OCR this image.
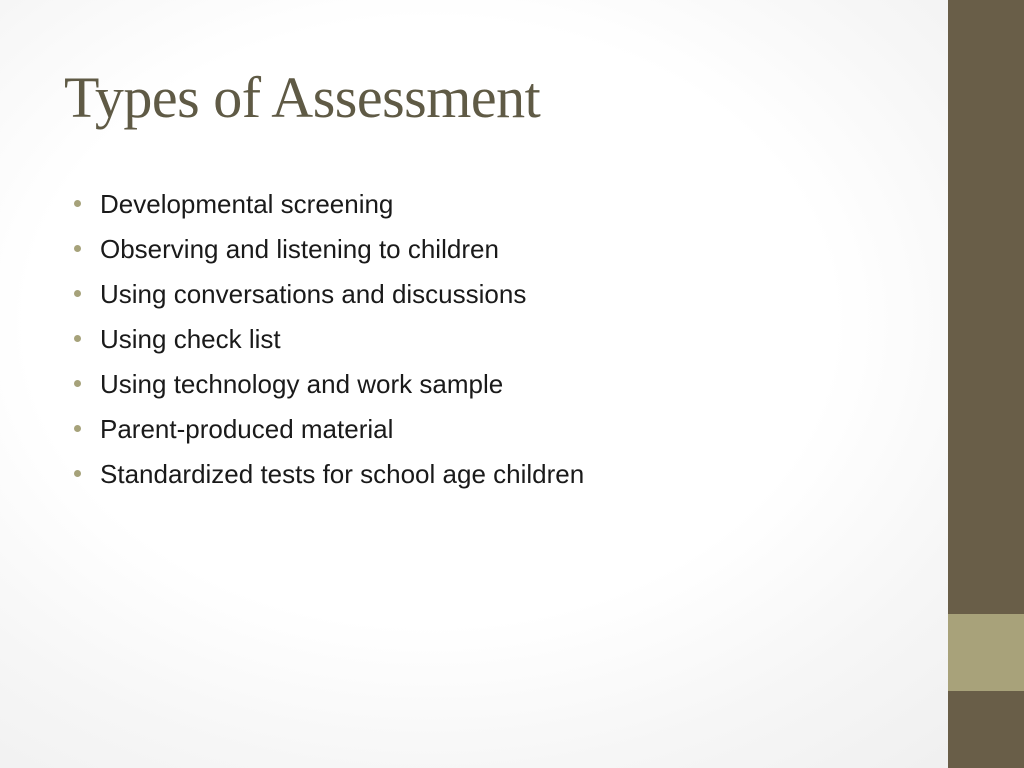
Types of Assessment
Developmental screening
Observing and listening to children
Using conversations and discussions
Using check list
Using technology and work sample
Parent-produced material
Standardized tests for school age children
